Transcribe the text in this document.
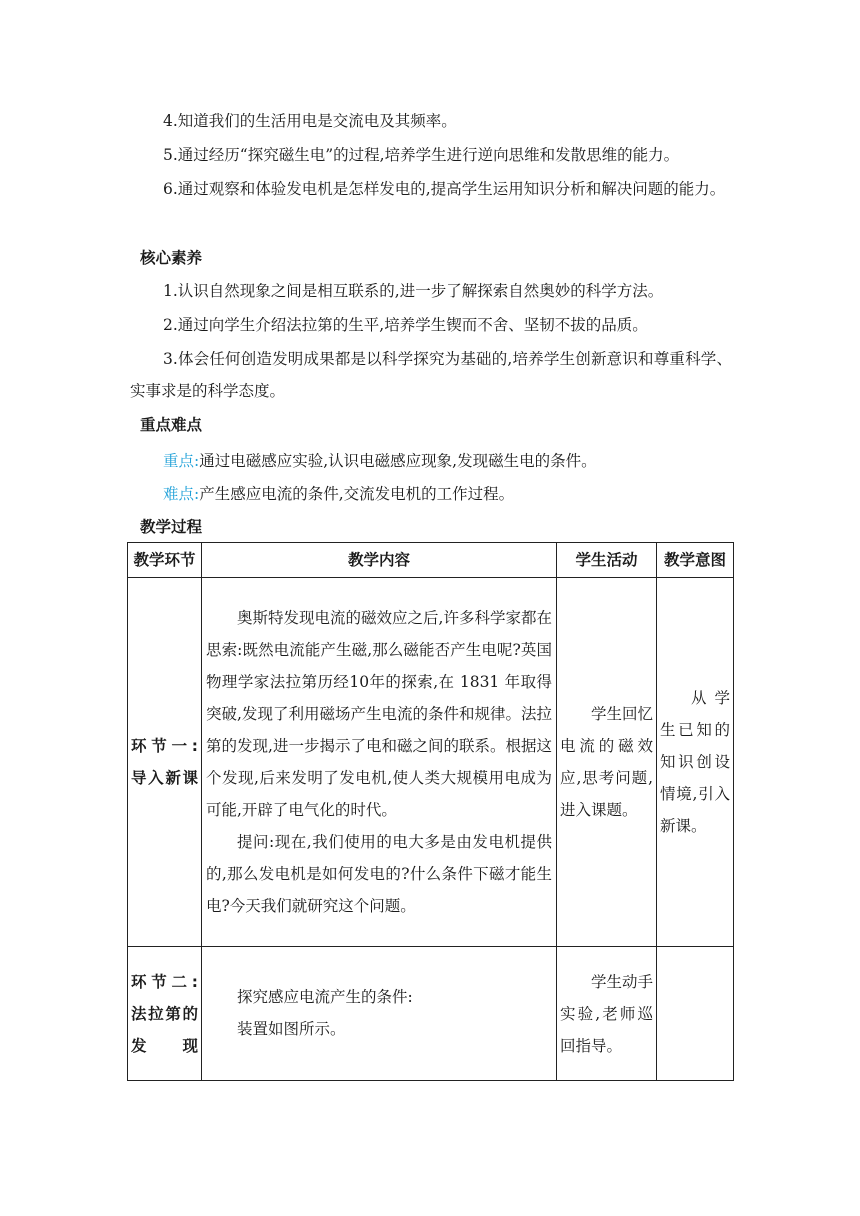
4.知道我们的生活用电是交流电及其频率。

5.通过经历“探究磁生电”的过程,培养学生进行逆向思维和发散思维的能力。

6.通过观察和体验发电机是怎样发电的,提高学生运用知识分析和解决问题的能力。

核心素养

1.认识自然现象之间是相互联系的,进一步了解探索自然奥妙的科学方法。

2.通过向学生介绍法拉第的生平,培养学生锲而不舍、坚韧不拔的品质。

3.体会任何创造发明成果都是以科学探究为基础的,培养学生创新意识和尊重科学、实事求是的科学态度。

重点难点
重点:通过电磁感应实验,认识电磁感应现象,发现磁生电的条件。
难点:产生感应电流的条件,交流发电机的工作过程。
教学过程
教学环节	教学内容	学生活动	教学意图
环节一:导入新课	奥斯特发现电流的磁效应之后,许多科学家都在思索:既然电流能产生磁,那么磁能否产生电呢?英国物理学家法拉第历经10年的探索,在 1831 年取得突破,发现了利用磁场产生电流的条件和规律。法拉第的发现,进一步揭示了电和磁之间的联系。根据这个发现,后来发明了发电机,使人类大规模用电成为可能,开辟了电气化的时代。

提问:现在,我们使用的电大多是由发电机提供的,那么发电机是如何发电的?什么条件下磁才能生电?今天我们就研究这个问题。	学生回忆电流的磁效应,思考问题,进入课题。	从学生已知的知识创设情境,引入新课。

环节二:法拉第的发现	探究感应电流产生的条件:

装置如图所示。	学生动手实验,老师巡回指导。	
